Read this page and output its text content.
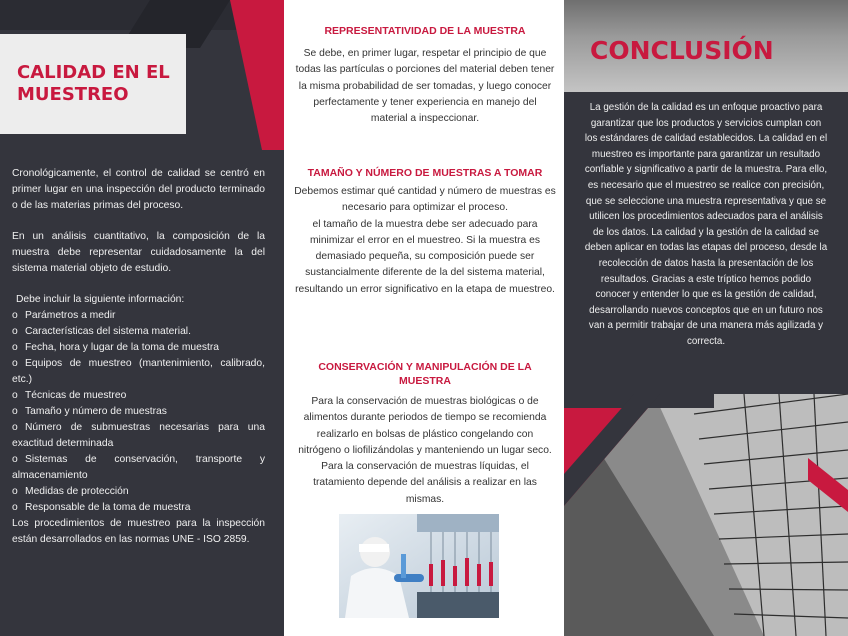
CALIDAD EN EL MUESTREO

Cronológicamente, el control de calidad se centró en primer lugar en una inspección del producto terminado o de las materias primas del proceso.

En un análisis cuantitativo, la composición de la muestra debe representar cuidadosamente la del sistema material objeto de estudio.

Debe incluir la siguiente información:

o Parámetros a medir
o Características del sistema material.
o Fecha, hora y lugar de la toma de muestra
o Equipos de muestreo (mantenimiento, calibrado, etc.)
o Técnicas de muestreo
o Tamaño y número de muestras
o Número de submuestras necesarias para una exactitud determinada
o Sistemas de conservación, transporte y almacenamiento
o Medidas de protección
o Responsable de la toma de muestra

Los procedimientos de muestreo para la inspección están desarrollados en las normas UNE - ISO 2859.

REPRESENTATIVIDAD DE LA MUESTRA

Se debe, en primer lugar, respetar el principio de que todas las partículas o porciones del material deben tener la misma probabilidad de ser tomadas, y luego conocer perfectamente y tener experiencia en manejo del material a inspeccionar.

TAMAÑO Y NÚMERO DE MUESTRAS A TOMAR

Debemos estimar qué cantidad y número de muestras es necesario para optimizar el proceso.

el tamaño de la muestra debe ser adecuado para minimizar el error en el muestreo. Si la muestra es demasiado pequeña, su composición puede ser sustancialmente diferente de la del sistema material, resultando un error significativo en la etapa de muestreo.

CONSERVACIÓN Y MANIPULACIÓN DE LA MUESTRA

Para la conservación de muestras biológicas o de alimentos durante periodos de tiempo se recomienda realizarlo en bolsas de plástico congelando con nitrógeno o liofilizándolas y manteniendo un lugar seco. Para la conservación de muestras líquidas, el tratamiento depende del análisis a realizar en las mismas.

CONCLUSIÓN

La gestión de la calidad es un enfoque proactivo para garantizar que los productos y servicios cumplan con los estándares de calidad establecidos. La calidad en el muestreo es importante para garantizar un resultado confiable y significativo a partir de la muestra. Para ello, es necesario que el muestreo se realice con precisión, que se seleccione una muestra representativa y que se utilicen los procedimientos adecuados para el análisis de los datos. La calidad y la gestión de la calidad se deben aplicar en todas las etapas del proceso, desde la recolección de datos hasta la presentación de los resultados. Gracias a este tríptico hemos podido conocer y entender lo que es la gestión de calidad, desarrollando nuevos conceptos que en un futuro nos van a permitir trabajar de una manera más agilizada y correcta.
